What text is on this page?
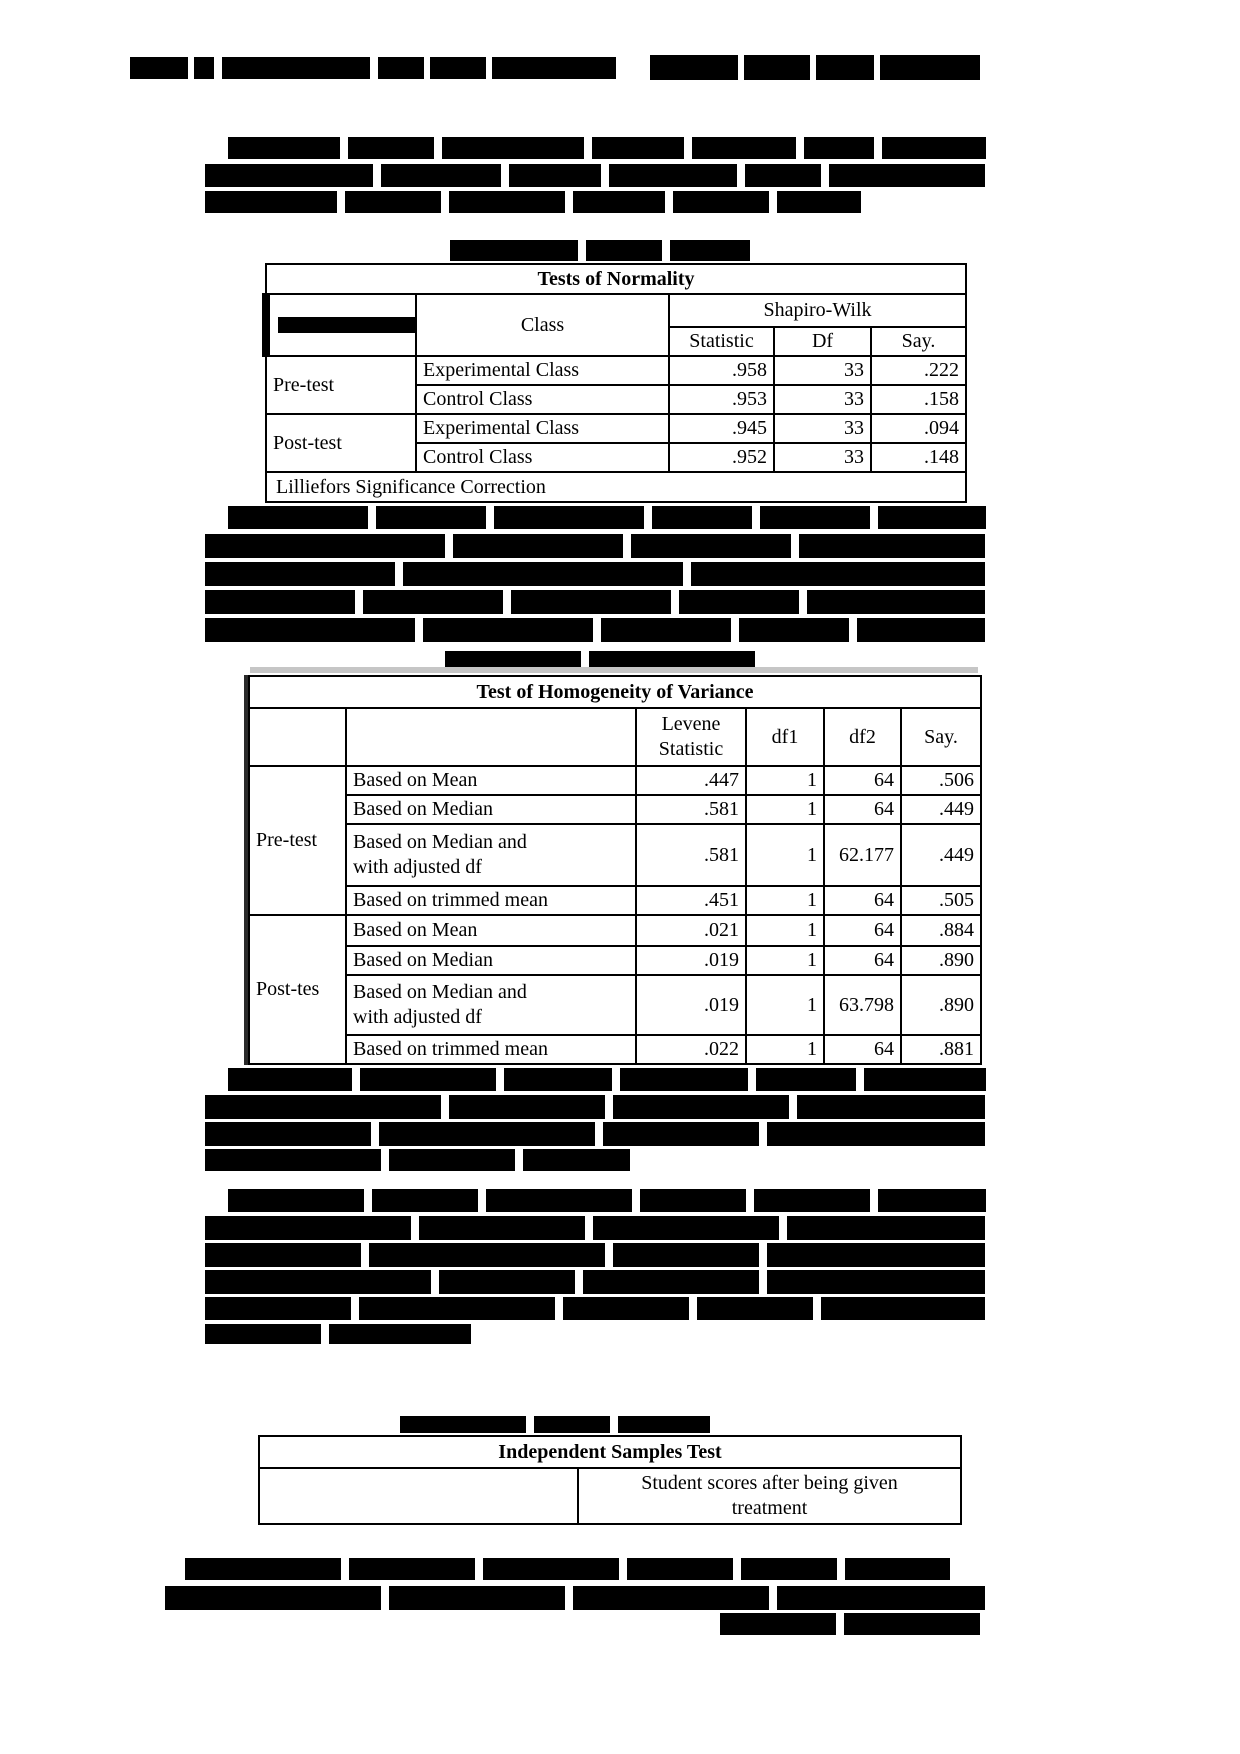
Tests of Normality				

	Class	Shapiro-Wilk		
		Statistic	Df	Say.
Pre-test	Experimental Class	.958	33	.222
	Control Class	.953	33	.158
Post-test	Experimental Class	.945	33	.094
	Control Class	.952	33	.148
Lilliefors Significance Correction				
Test of Homogeneity of Variance					
		Levene Statistic	df1	df2	Say.
Pre-test	Based on Mean	.447	1	64	.506
	Based on Median	.581	1	64	.449

	Based on Median and with adjusted df	.581	1	62.177	.449
	Based on trimmed mean	.451	1	64	.505
Post-tes	Based on Mean	.021	1	64	.884
	Based on Median	.019	1	64	.890

	Based on Median and with adjusted df	.019	1	63.798	.890
	Based on trimmed mean	.022	1	64	.881
Independent Samples Test

Student scores after being given treatment
